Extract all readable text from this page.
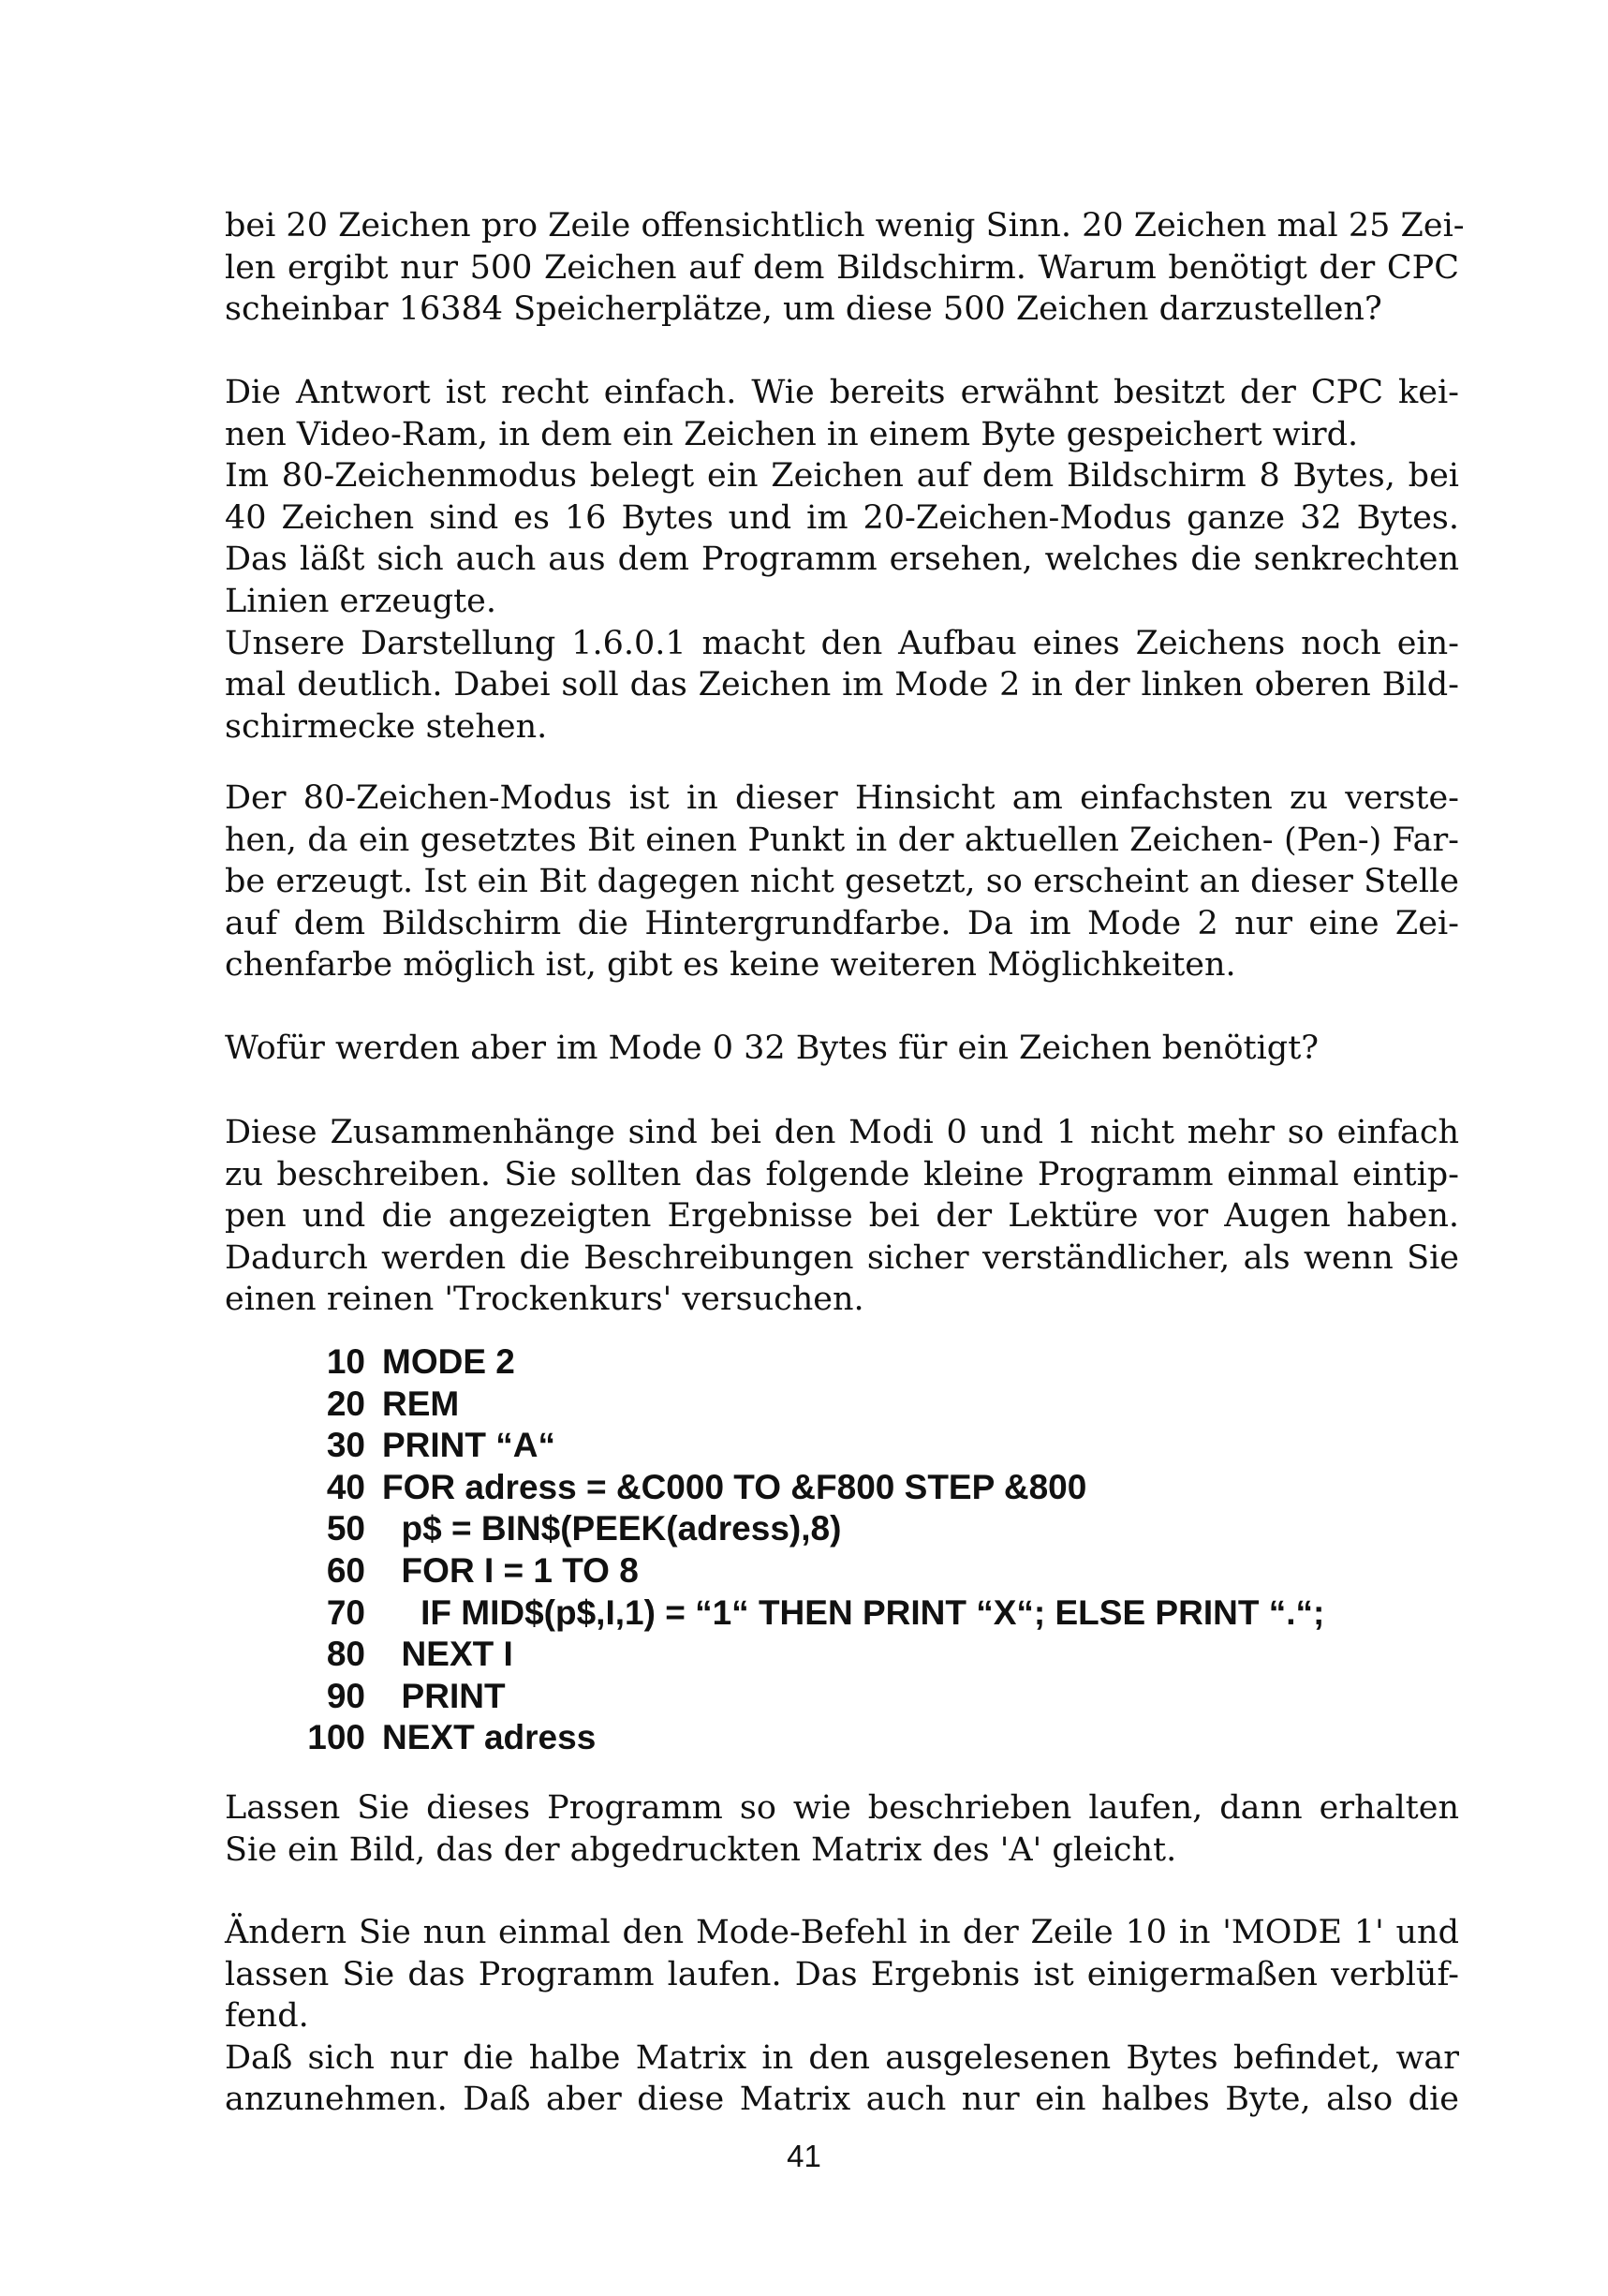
bei 20 Zeichen pro Zeile offensichtlich wenig Sinn. 20 Zeichen mal 25 Zei-
len ergibt nur 500 Zeichen auf dem Bildschirm. Warum benötigt der CPC
scheinbar 16384 Speicherplätze, um diese 500 Zeichen darzustellen?
Die Antwort ist recht einfach. Wie bereits erwähnt besitzt der CPC kei-
nen Video-Ram, in dem ein Zeichen in einem Byte gespeichert wird.
Im 80-Zeichenmodus belegt ein Zeichen auf dem Bildschirm 8 Bytes, bei
40 Zeichen sind es 16 Bytes und im 20-Zeichen-Modus ganze 32 Bytes.
Das läßt sich auch aus dem Programm ersehen, welches die senkrechten
Linien erzeugte.
Unsere Darstellung 1.6.0.1 macht den Aufbau eines Zeichens noch ein-
mal deutlich. Dabei soll das Zeichen im Mode 2 in der linken oberen Bild-
schirmecke stehen.
Der 80-Zeichen-Modus ist in dieser Hinsicht am einfachsten zu verste-
hen, da ein gesetztes Bit einen Punkt in der aktuellen Zeichen- (Pen-) Far-
be erzeugt. Ist ein Bit dagegen nicht gesetzt, so erscheint an dieser Stelle
auf dem Bildschirm die Hintergrundfarbe. Da im Mode 2 nur eine Zei-
chenfarbe möglich ist, gibt es keine weiteren Möglichkeiten.
Wofür werden aber im Mode 0 32 Bytes für ein Zeichen benötigt?
Diese Zusammenhänge sind bei den Modi 0 und 1 nicht mehr so einfach
zu beschreiben. Sie sollten das folgende kleine Programm einmal eintip-
pen und die angezeigten Ergebnisse bei der Lektüre vor Augen haben.
Dadurch werden die Beschreibungen sicher verständlicher, als wenn Sie
einen reinen 'Trockenkurs' versuchen.
10 MODE 2
20 REM
30 PRINT “A“
40 FOR adress = &C000 TO &F800 STEP &800
50 p$ = BIN$(PEEK(adress),8)
60 FOR I = 1 TO 8
70 IF MID$(p$,I,1) = “1“ THEN PRINT “X“; ELSE PRINT “.“;
80 NEXT I
90 PRINT
100 NEXT adress
Lassen Sie dieses Programm so wie beschrieben laufen, dann erhalten
Sie ein Bild, das der abgedruckten Matrix des 'A' gleicht.
Ändern Sie nun einmal den Mode-Befehl in der Zeile 10 in 'MODE 1' und
lassen Sie das Programm laufen. Das Ergebnis ist einigermaßen verblüf-
fend.
Daß sich nur die halbe Matrix in den ausgelesenen Bytes befindet, war
anzunehmen. Daß aber diese Matrix auch nur ein halbes Byte, also die
41
